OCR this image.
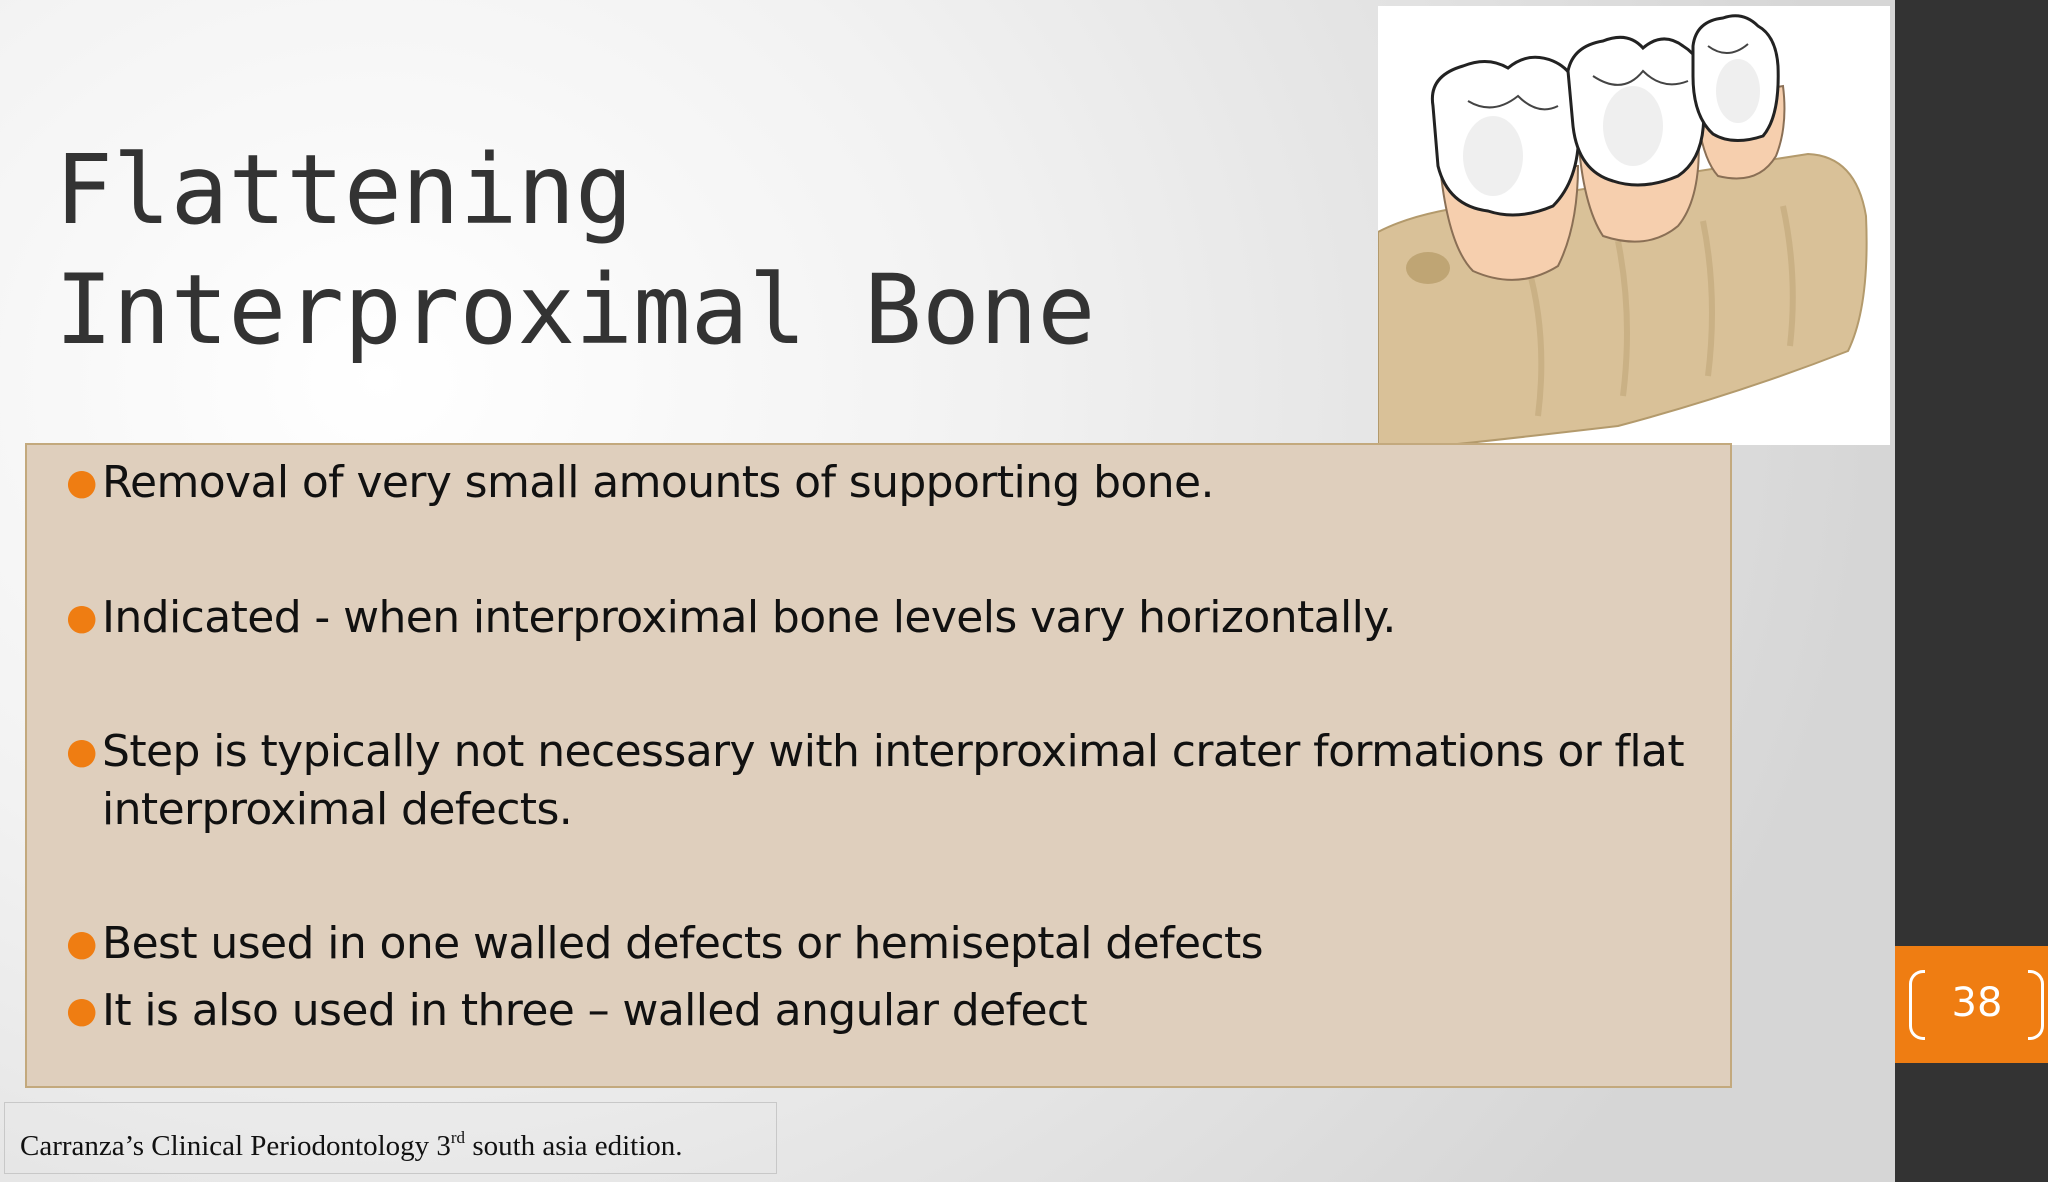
Flattening
Interproximal Bone
● Removal of very small amounts of supporting bone.
● Indicated - when interproximal bone levels vary horizontally.
● Step is typically not necessary with interproximal crater formations or flat interproximal defects.
● Best used in one walled defects or hemiseptal defects
● It is also used in three – walled angular defect
Carranza’s Clinical Periodontology 3rd south asia edition.
38
